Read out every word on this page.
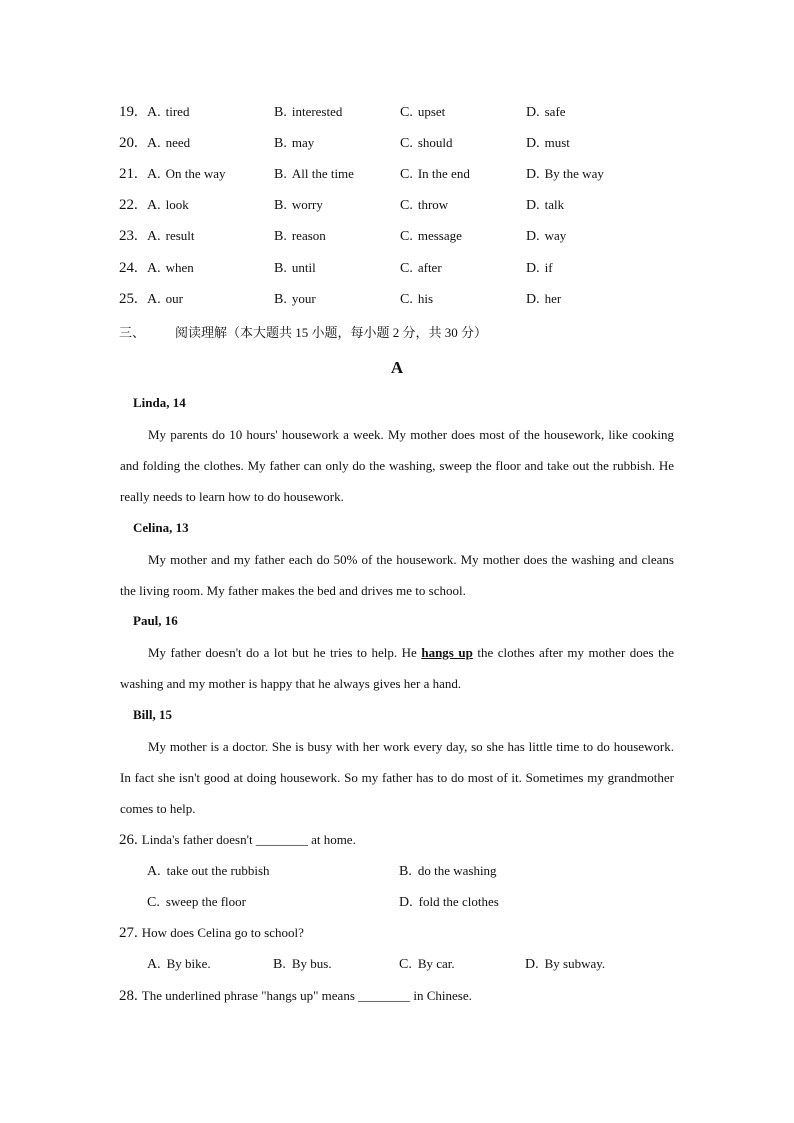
19. A. tired	B. interested	C. upset	D. safe
20. A. need	B. may	C. should	D. must
21. A. On the way	B. All the time	C. In the end	D. By the way
22. A. look	B. worry	C. throw	D. talk
23. A. result	B. reason	C. message	D. way
24. A. when	B. until	C. after	D. if
25. A. our	B. your	C. his	D. her
三、 阅读理解（本大题共 15 小题，每小题 2 分，共 30 分）
A
Linda, 14

My parents do 10 hours' housework a week. My mother does most of the housework, like cooking and folding the clothes. My father can only do the washing, sweep the floor and take out the rubbish. He really needs to learn how to do housework.

Celina, 13

My mother and my father each do 50% of the housework. My mother does the washing and cleans the living room. My father makes the bed and drives me to school.

Paul, 16

My father doesn't do a lot but he tries to help. He hangs up the clothes after my mother does the washing and my mother is happy that he always gives her a hand.

Bill, 15

My mother is a doctor. She is busy with her work every day, so she has little time to do housework. In fact she isn't good at doing housework. So my father has to do most of it. Sometimes my grandmother comes to help.

26. Linda's father doesn't ________ at home.
A. take out the rubbish	B. do the washing
C. sweep the floor	D. fold the clothes
27. How does Celina go to school?
A. By bike.	B. By bus.	C. By car.	D. By subway.
28. The underlined phrase "hangs up" means ________ in Chinese.
